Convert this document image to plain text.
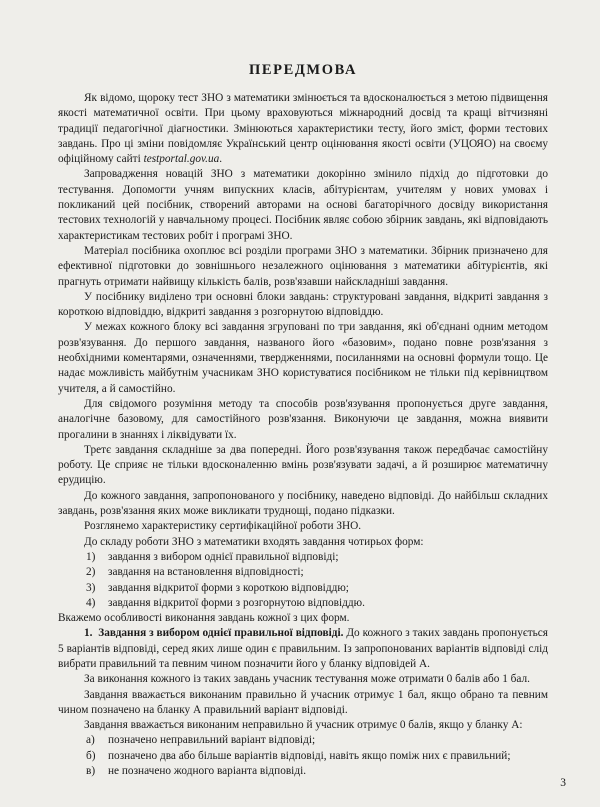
ПЕРЕДМОВА

Як відомо, щороку тест ЗНО з математики змінюється та вдосконалюється з метою підвищення якості математичної освіти. При цьому враховуються міжнародний досвід та кращі вітчизняні традиції педагогічної діагностики. Змінюються характеристики тесту, його зміст, форми тестових завдань. Про ці зміни повідомляє Український центр оцінювання якості освіти (УЦОЯО) на своєму офіційному сайті testportal.gov.ua.

Запровадження новацій ЗНО з математики докорінно змінило підхід до підготовки до тестування. Допомогти учням випускних класів, абітурієнтам, учителям у нових умовах і покликаний цей посібник, створений авторами на основі багаторічного досвіду використання тестових технологій у навчальному процесі. Посібник являє собою збірник завдань, які відповідають характеристикам тестових робіт і програмі ЗНО.

Матеріал посібника охоплює всі розділи програми ЗНО з математики. Збірник призначено для ефективної підготовки до зовнішнього незалежного оцінювання з математики абітурієнтів, які прагнуть отримати найвищу кількість балів, розв'язавши найскладніші завдання.

У посібнику виділено три основні блоки завдань: структуровані завдання, відкриті завдання з короткою відповіддю, відкриті завдання з розгорнутою відповіддю.

У межах кожного блоку всі завдання згруповані по три завдання, які об'єднані одним методом розв'язування. До першого завдання, названого його «базовим», подано повне розв'язання з необхідними коментарями, означеннями, твердженнями, посиланнями на основні формули тощо. Це надає можливість майбутнім учасникам ЗНО користуватися посібником не тільки під керівництвом учителя, а й самостійно.

Для свідомого розуміння методу та способів розв'язування пропонується друге завдання, аналогічне базовому, для самостійного розв'язання. Виконуючи це завдання, можна виявити прогалини в знаннях і ліквідувати їх.

Третє завдання складніше за два попередні. Його розв'язування також передбачає самостійну роботу. Це сприяє не тільки вдосконаленню вмінь розв'язувати задачі, а й розширює математичну ерудицію.

До кожного завдання, запропонованого у посібнику, наведено відповіді. До найбільш складних завдань, розв'язання яких може викликати труднощі, подано підказки.

Розглянемо характеристику сертифікаційної роботи ЗНО.

До складу роботи ЗНО з математики входять завдання чотирьох форм:

1)	завдання з вибором однієї правильної відповіді;
2)	завдання на встановлення відповідності;
3)	завдання відкритої форми з короткою відповіддю;
4)	завдання відкритої форми з розгорнутою відповіддю.

Вкажемо особливості виконання завдань кожної з цих форм.

1. Завдання з вибором однієї правильної відповіді. До кожного з таких завдань пропонується 5 варіантів відповіді, серед яких лише один є правильним. Із запропонованих варіантів відповіді слід вибрати правильний та певним чином позначити його у бланку відповідей А.

За виконання кожного із таких завдань учасник тестування може отримати 0 балів або 1 бал.

Завдання вважається виконаним правильно й учасник отримує 1 бал, якщо обрано та певним чином позначено на бланку А правильний варіант відповіді.

Завдання вважається виконаним неправильно й учасник отримує 0 балів, якщо у бланку А:

а)	позначено неправильний варіант відповіді;
б)	позначено два або більше варіантів відповіді, навіть якщо поміж них є правильний;
в)	не позначено жодного варіанта відповіді.
3
